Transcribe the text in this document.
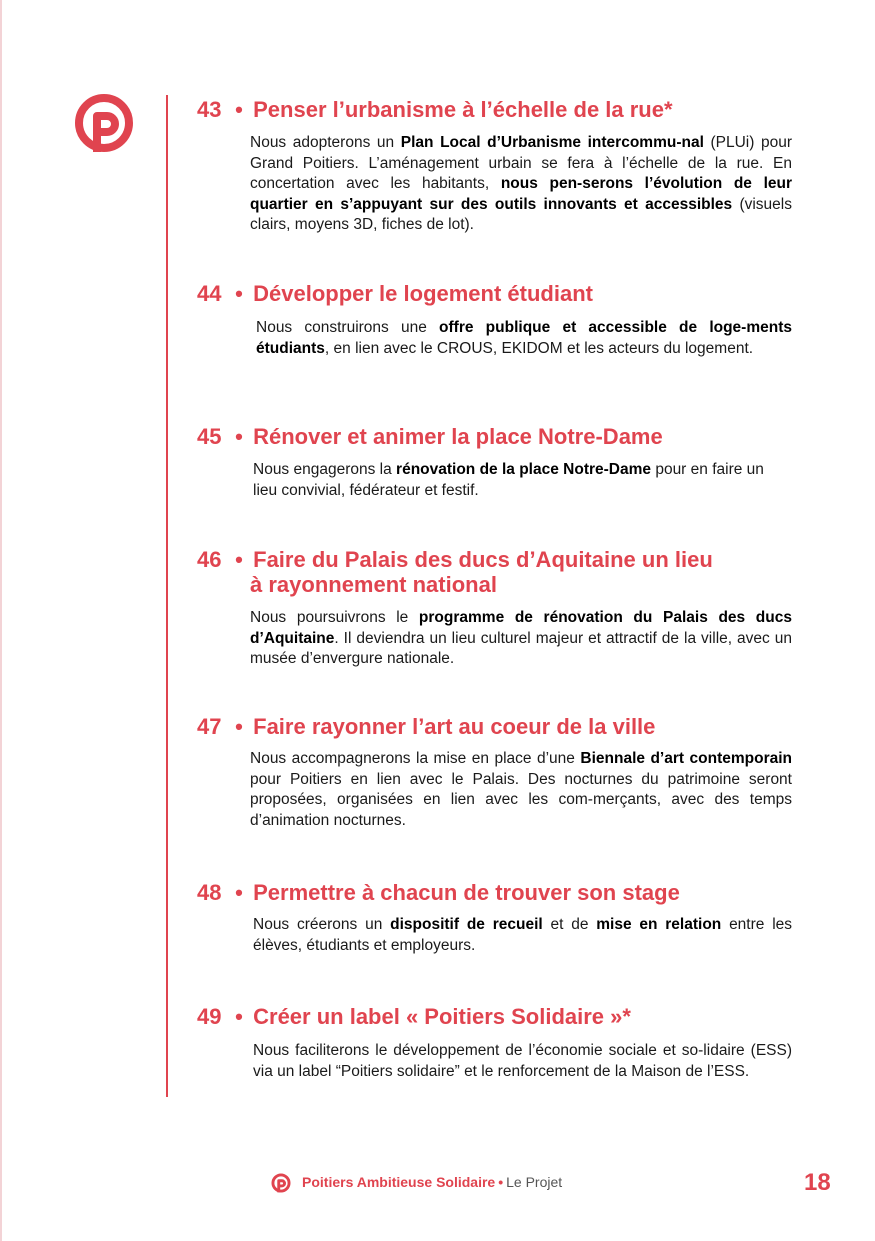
43 • Penser l’urbanisme à l’échelle de la rue*
Nous adopterons un Plan Local d’Urbanisme intercommu-nal (PLUi) pour Grand Poitiers. L’aménagement urbain se fera à l’échelle de la rue. En concertation avec les habitants, nous pen-serons l’évolution de leur quartier en s’appuyant sur des outils innovants et accessibles (visuels clairs, moyens 3D, fiches de lot).
44 • Développer le logement étudiant
Nous construirons une offre publique et accessible de loge-ments étudiants, en lien avec le CROUS, EKIDOM et les acteurs du logement.
45 • Rénover et animer la place Notre-Dame
Nous engagerons la rénovation de la place Notre-Dame pour en faire un lieu convivial, fédérateur et festif.
46 • Faire du Palais des ducs d’Aquitaine un lieu
à rayonnement national
Nous poursuivrons le programme de rénovation du Palais des ducs d’Aquitaine. Il deviendra un lieu culturel majeur et attractif de la ville, avec un musée d’envergure nationale.
47 • Faire rayonner l’art au coeur de la ville
Nous accompagnerons la mise en place d’une Biennale d’art contemporain pour Poitiers en lien avec le Palais. Des nocturnes du patrimoine seront proposées, organisées en lien avec les com-merçants, avec des temps d’animation nocturnes.
48 • Permettre à chacun de trouver son stage
Nous créerons un dispositif de recueil et de mise en relation entre les élèves, étudiants et employeurs.
49 • Créer un label « Poitiers Solidaire »*
Nous faciliterons le développement de l’économie sociale et so-lidaire (ESS) via un label “Poitiers solidaire” et le renforcement de la Maison de l’ESS.
Poitiers Ambitieuse Solidaire • Le Projet	18
